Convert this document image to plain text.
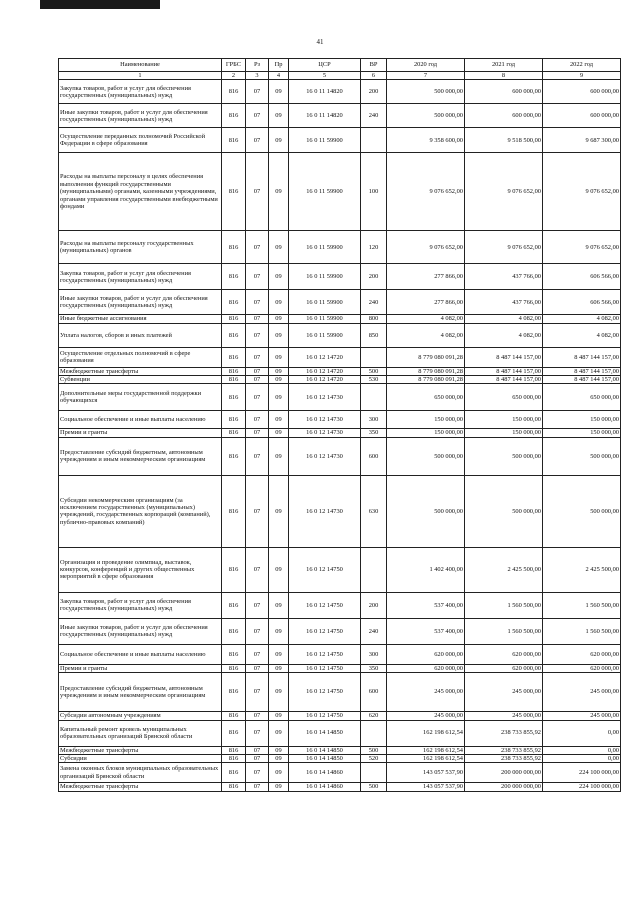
41
Наименование	ГРБС	Рз	Пр	ЦСР	ВР	2020 год	2021 год	2022 год
1	2	3	4	5	6	7	8	9
Закупка товаров, работ и услуг для обеспечения государственных (муниципальных) нужд	816	07	09	16 0 11 14820	200	500 000,00	600 000,00	600 000,00
Иные закупки товаров, работ и услуг для обеспечения государственных (муниципальных) нужд	816	07	09	16 0 11 14820	240	500 000,00	600 000,00	600 000,00
Осуществление переданных полномочий Российской Федерации в сфере образования	816	07	09	16 0 11 59900		9 358 600,00	9 518 500,00	9 687 300,00
Расходы на выплаты персоналу в целях обеспечения выполнения функций государственными (муниципальными) органами, казенными учреждениями, органами управления государственными внебюджетными фондами	816	07	09	16 0 11 59900	100	9 076 652,00	9 076 652,00	9 076 652,00
Расходы на выплаты персоналу государственных (муниципальных) органов	816	07	09	16 0 11 59900	120	9 076 652,00	9 076 652,00	9 076 652,00
Закупка товаров, работ и услуг для обеспечения государственных (муниципальных) нужд	816	07	09	16 0 11 59900	200	277 866,00	437 766,00	606 566,00
Иные закупки товаров, работ и услуг для обеспечения государственных (муниципальных) нужд	816	07	09	16 0 11 59900	240	277 866,00	437 766,00	606 566,00
Иные бюджетные ассигнования	816	07	09	16 0 11 59900	800	4 082,00	4 082,00	4 082,00
Уплата налогов, сборов и иных платежей	816	07	09	16 0 11 59900	850	4 082,00	4 082,00	4 082,00
Осуществление отдельных полномочий в сфере образования	816	07	09	16 0 12 14720		8 779 080 091,28	8 487 144 157,00	8 487 144 157,00
Межбюджетные трансферты	816	07	09	16 0 12 14720	500	8 779 080 091,28	8 487 144 157,00	8 487 144 157,00
Субвенции	816	07	09	16 0 12 14720	530	8 779 080 091,28	8 487 144 157,00	8 487 144 157,00
Дополнительные меры государственной поддержки обучающихся	816	07	09	16 0 12 14730		650 000,00	650 000,00	650 000,00
Социальное обеспечение и иные выплаты населению	816	07	09	16 0 12 14730	300	150 000,00	150 000,00	150 000,00
Премии и гранты	816	07	09	16 0 12 14730	350	150 000,00	150 000,00	150 000,00
Предоставление субсидий бюджетным, автономным учреждениям и иным некоммерческим организациям	816	07	09	16 0 12 14730	600	500 000,00	500 000,00	500 000,00
Субсидии некоммерческим организациям (за исключением государственных (муниципальных) учреждений, государственных корпораций (компаний), публично-правовых компаний)	816	07	09	16 0 12 14730	630	500 000,00	500 000,00	500 000,00
Организация и проведение олимпиад, выставок, конкурсов, конференций и других общественных мероприятий в сфере образования	816	07	09	16 0 12 14750		1 402 400,00	2 425 500,00	2 425 500,00
Закупка товаров, работ и услуг для обеспечения государственных (муниципальных) нужд	816	07	09	16 0 12 14750	200	537 400,00	1 560 500,00	1 560 500,00
Иные закупки товаров, работ и услуг для обеспечения государственных (муниципальных) нужд	816	07	09	16 0 12 14750	240	537 400,00	1 560 500,00	1 560 500,00
Социальное обеспечение и иные выплаты населению	816	07	09	16 0 12 14750	300	620 000,00	620 000,00	620 000,00
Премии и гранты	816	07	09	16 0 12 14750	350	620 000,00	620 000,00	620 000,00
Предоставление субсидий бюджетным, автономным учреждениям и иным некоммерческим организациям	816	07	09	16 0 12 14750	600	245 000,00	245 000,00	245 000,00
Субсидии автономным учреждениям	816	07	09	16 0 12 14750	620	245 000,00	245 000,00	245 000,00
Капитальный ремонт кровель муниципальных образовательных организаций Брянской области	816	07	09	16 0 14 14850		162 198 612,54	238 733 855,92	0,00
Межбюджетные трансферты	816	07	09	16 0 14 14850	500	162 198 612,54	238 733 855,92	0,00
Субсидии	816	07	09	16 0 14 14850	520	162 198 612,54	238 733 855,92	0,00
Замена оконных блоков муниципальных образовательных организаций Брянской области	816	07	09	16 0 14 14860		143 057 537,90	200 000 000,00	224 100 000,00
Межбюджетные трансферты	816	07	09	16 0 14 14860	500	143 057 537,90	200 000 000,00	224 100 000,00
